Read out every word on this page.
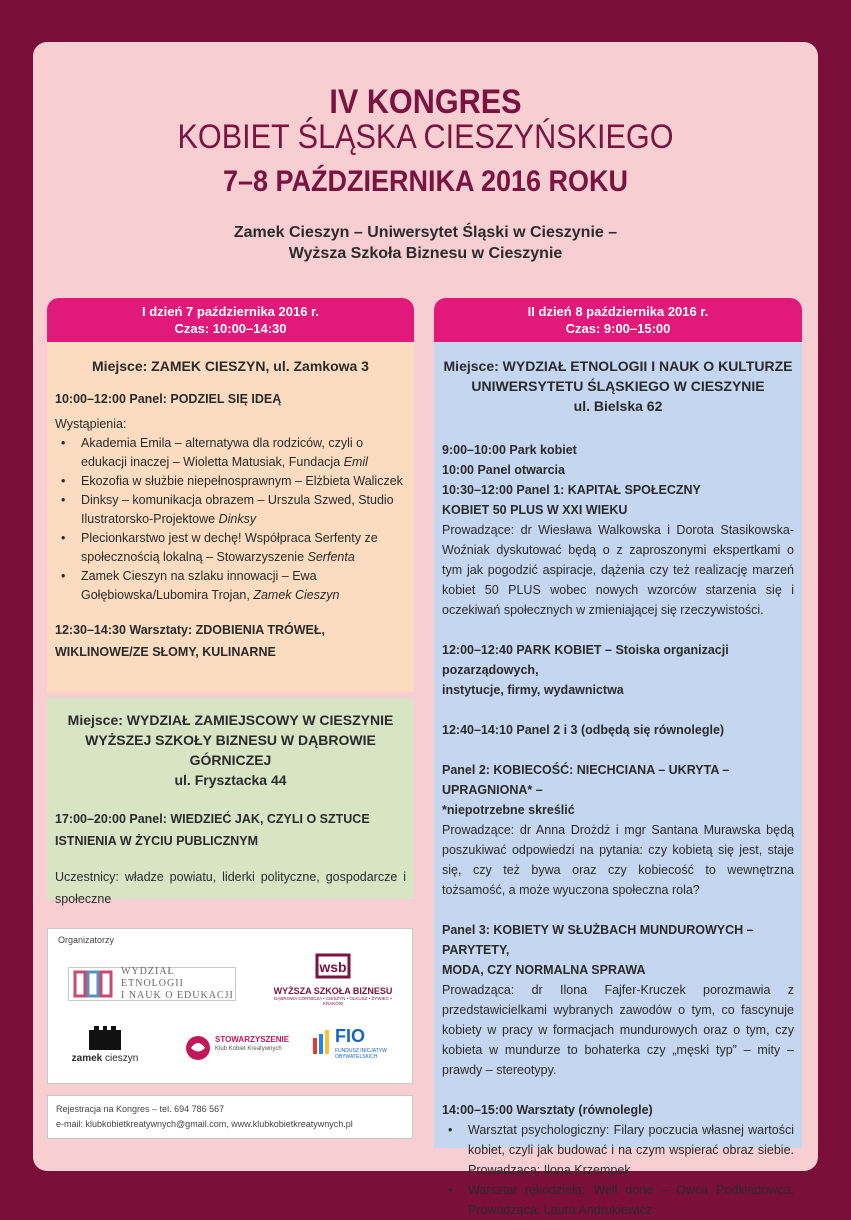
IV KONGRES
KOBIET ŚLĄSKA CIESZYŃSKIEGO
7–8 PAŹDZIERNIKA 2016 ROKU
Zamek Cieszyn – Uniwersytet Śląski w Cieszynie –
Wyższa Szkoła Biznesu w Cieszynie
I dzień 7 października 2016 r.
Czas: 10:00–14:30
Miejsce: ZAMEK CIESZYN, ul. Zamkowa 3
10:00–12:00 Panel: PODZIEL SIĘ IDEĄ
Wystąpienia:
• Akademia Emila – alternatywa dla rodziców, czyli o edukacji inaczej – Wioletta Matusiak, Fundacja Emil
• Ekozofia w służbie niepełnosprawnym – Elżbieta Waliczek
• Dinksy – komunikacja obrazem – Urszula Szwed, Studio Ilustratorsko-Projektowe Dinksy
• Plecionkarstwo jest w dechę! Współpraca Serfenty ze społecznością lokalną – Stowarzyszenie Serfenta
• Zamek Cieszyn na szlaku innowacji – Ewa Gołębiowska/Lubomira Trojan, Zamek Cieszyn
12:30–14:30 Warsztaty: ZDOBIENIA TRÓWEŁ,
WIKLINOWE/ZE SŁOMY, KULINARNE
Miejsce: WYDZIAŁ ZAMIEJSCOWY W CIESZYNIE
WYŻSZEJ SZKOŁY BIZNESU W DĄBROWIE GÓRNICZEJ
ul. Frysztacka 44
17:00–20:00 Panel: WIEDZIEĆ JAK, CZYLI O SZTUCE
ISTNIENIA W ŻYCIU PUBLICZNYM
Uczestnicy: władze powiatu, liderki polityczne, gospodarcze i społeczne
II dzień 8 października 2016 r.
Czas: 9:00–15:00
Miejsce: WYDZIAŁ ETNOLOGII I NAUK O KULTURZE
UNIWERSYTETU ŚLĄSKIEGO W CIESZYNIE
ul. Bielska 62
9:00–10:00 Park kobiet
10:00 Panel otwarcia
10:30–12:00 Panel 1: KAPITAŁ SPOŁECZNY
KOBIET 50 PLUS W XXI WIEKU
Prowadzące: dr Wiesława Walkowska i Dorota Stasikowska-Woźniak dyskutować będą o z zaproszonymi ekspertkami o tym jak pogodzić aspiracje, dążenia czy też realizację marzeń kobiet 50 PLUS wobec nowych wzorców starzenia się i oczekiwań społecznych w zmieniającej się rzeczywistości.
12:00–12:40 PARK KOBIET – Stoiska organizacji pozarządowych,
instytucje, firmy, wydawnictwa
12:40–14:10 Panel 2 i 3 (odbędą się równolegle)
Panel 2: KOBIECOŚĆ: NIECHCIANA – UKRYTA – UPRAGNIONA* –
*niepotrzebne skreślić
Prowadzące: dr Anna Drożdż i mgr Santana Murawska będą poszukiwać odpowiedzi na pytania: czy kobietą się jest, staje się, czy też bywa oraz czy kobiecość to wewnętrzna tożsamość, a może wyuczona społeczna rola?
Panel 3: KOBIETY W SŁUŻBACH MUNDUROWYCH – PARYTETY,
MODA, CZY NORMALNA SPRAWA
Prowadząca: dr Ilona Fajfer-Kruczek porozmawia z przedstawicielkami wybranych zawodów o tym, co fascynuje kobiety w pracy w formacjach mundurowych oraz o tym, czy kobieta w mundurze to bohaterka czy „męski typ” – mity – prawdy – stereotypy.
14:00–15:00 Warsztaty (równolegle)
• Warsztat psychologiczny: Filary poczucia własnej wartości kobiet, czyli jak budować i na czym wspierać obraz siebie. Prowadząca: Ilona Krzempek
• Warsztat rękodzieła: Well done – Owca Podkładowca. Prowadząca: Laura Andrukiewicz
Organizatorzy
WYDZIAŁ ETNOLOGII
I NAUK O EDUKACJI
wsb
WYŻSZA SZKOŁA BIZNESU
DĄBROWA GÓRNICZA • CIESZYN • OLKUSZ • ŻYWIEC • KRAKÓW
zamek cieszyn
STOWARZYSZENIE
Klub Kobiet Kreatywnych
FIO
FUNDUSZ INICJATYW OBYWATELSKICH
Rejestracja na Kongres – tel. 694 786 567
e-mail: klubkobietkreatywnych@gmail.com, www.klubkobietkreatywnych.pl
